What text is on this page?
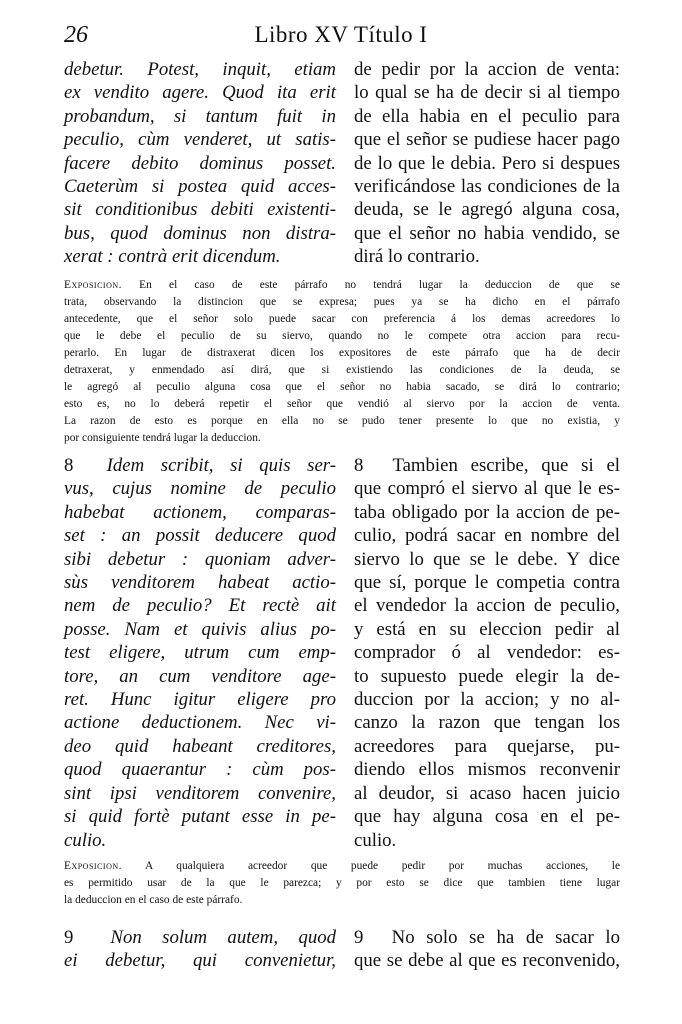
26	Libro XV Título I
debetur. Potest, inquit, etiam
ex vendito agere. Quod ita erit
probandum, si tantum fuit in
peculio, cùm venderet, ut satis-
facere debito dominus posset.
Caeterùm si postea quid acces-
sit conditionibus debiti existenti-
bus, quod dominus non distra-
xerat : contrà erit dicendum.
de pedir por la accion de venta:
lo qual se ha de decir si al tiempo
de ella habia en el peculio para
que el señor se pudiese hacer pago
de lo que le debia. Pero si despues
verificándose las condiciones de la
deuda, se le agregó alguna cosa,
que el señor no habia vendido, se
dirá lo contrario.
Exposicion. En el caso de este párrafo no tendrá lugar la deduccion de que se
trata, observando la distincion que se expresa; pues ya se ha dicho en el párrafo
antecedente, que el señor solo puede sacar con preferencia á los demas acreedores lo
que le debe el peculio de su siervo, quando no le compete otra accion para recu-
perarlo. En lugar de distraxerat dicen los expositores de este párrafo que ha de decir
detraxerat, y enmendado así dirá, que si existiendo las condiciones de la deuda, se
le agregó al peculio alguna cosa que el señor no habia sacado, se dirá lo contrario;
esto es, no lo deberá repetir el señor que vendió al siervo por la accion de venta.
La razon de esto es porque en ella no se pudo tener presente lo que no existia, y
por consiguiente tendrá lugar la deduccion.
8 Idem scribit, si quis ser-
vus, cujus nomine de peculio
habebat actionem, comparas-
set : an possit deducere quod
sibi debetur : quoniam adver-
sùs venditorem habeat actio-
nem de peculio? Et rectè ait
posse. Nam et quivis alius po-
test eligere, utrum cum emp-
tore, an cum venditore age-
ret. Hunc igitur eligere pro
actione deductionem. Nec vi-
deo quid habeant creditores,
quod quaerantur : cùm pos-
sint ipsi venditorem convenire,
si quid fortè putant esse in pe-
culio.
8 Tambien escribe, que si el
que compró el siervo al que le es-
taba obligado por la accion de pe-
culio, podrá sacar en nombre del
siervo lo que se le debe. Y dice
que sí, porque le competia contra
el vendedor la accion de peculio,
y está en su eleccion pedir al
comprador ó al vendedor: es-
to supuesto puede elegir la de-
duccion por la accion; y no al-
canzo la razon que tengan los
acreedores para quejarse, pu-
diendo ellos mismos reconvenir
al deudor, si acaso hacen juicio
que hay alguna cosa en el pe-
culio.
Exposicion. A qualquiera acreedor que puede pedir por muchas acciones, le
es permitido usar de la que le parezca; y por esto se dice que tambien tiene lugar
la deduccion en el caso de este párrafo.
9 Non solum autem, quod
ei debetur, qui convenietur,
9 No solo se ha de sacar lo
que se debe al que es reconvenido,
